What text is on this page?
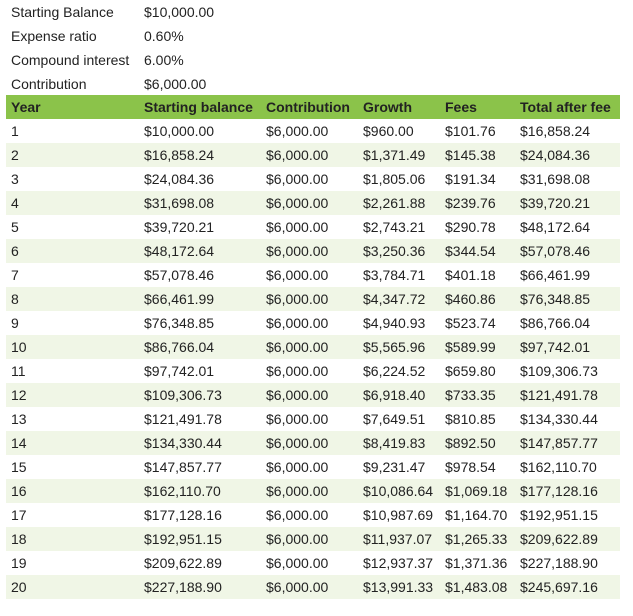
Starting Balance $10,000.00
Expense ratio	0.60%
Compound interest 6.00%
Contribution	$6,000.00
Year	Starting balance	Contribution	Growth	Fees	Total after fee
1	$10,000.00	$6,000.00	$960.00	$101.76	$16,858.24
2	$16,858.24	$6,000.00	$1,371.49	$145.38	$24,084.36
3	$24,084.36	$6,000.00	$1,805.06	$191.34	$31,698.08
4	$31,698.08	$6,000.00	$2,261.88	$239.76	$39,720.21
5	$39,720.21	$6,000.00	$2,743.21	$290.78	$48,172.64
6	$48,172.64	$6,000.00	$3,250.36	$344.54	$57,078.46
7	$57,078.46	$6,000.00	$3,784.71	$401.18	$66,461.99
8	$66,461.99	$6,000.00	$4,347.72	$460.86	$76,348.85
9	$76,348.85	$6,000.00	$4,940.93	$523.74	$86,766.04
10	$86,766.04	$6,000.00	$5,565.96	$589.99	$97,742.01
11	$97,742.01	$6,000.00	$6,224.52	$659.80	$109,306.73
12	$109,306.73	$6,000.00	$6,918.40	$733.35	$121,491.78
13	$121,491.78	$6,000.00	$7,649.51	$810.85	$134,330.44
14	$134,330.44	$6,000.00	$8,419.83	$892.50	$147,857.77
15	$147,857.77	$6,000.00	$9,231.47	$978.54	$162,110.70
16	$162,110.70	$6,000.00	$10,086.64	$1,069.18	$177,128.16
17	$177,128.16	$6,000.00	$10,987.69	$1,164.70	$192,951.15
18	$192,951.15	$6,000.00	$11,937.07	$1,265.33	$209,622.89
19	$209,622.89	$6,000.00	$12,937.37	$1,371.36	$227,188.90
20	$227,188.90	$6,000.00	$13,991.33	$1,483.08	$245,697.16
